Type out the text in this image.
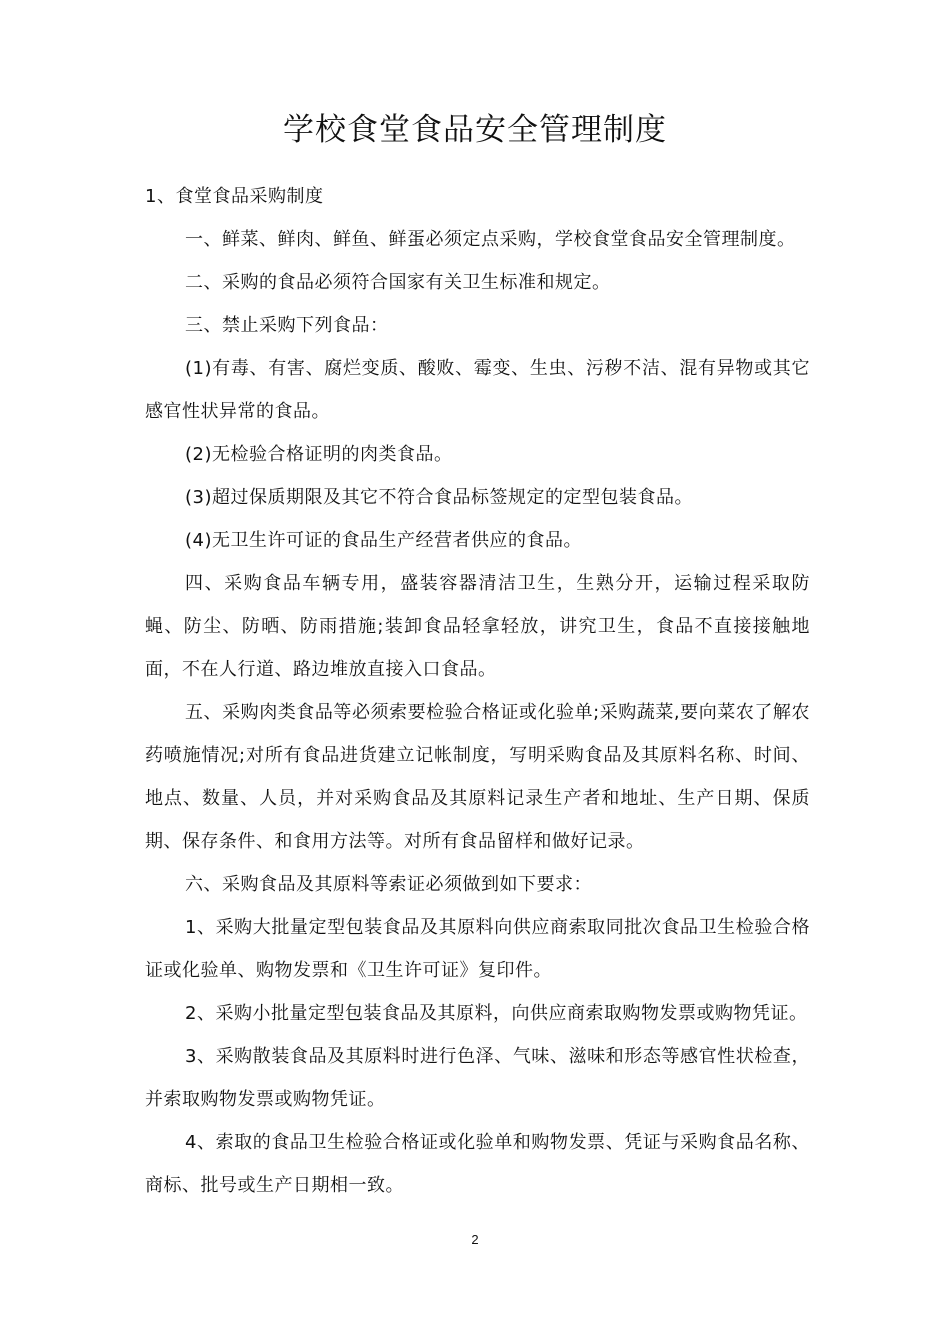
学校食堂食品安全管理制度

1、食堂食品采购制度

一、鲜菜、鲜肉、鲜鱼、鲜蛋必须定点采购，学校食堂食品安全管理制度。

二、采购的食品必须符合国家有关卫生标准和规定。

三、禁止采购下列食品：

(1)有毒、有害、腐烂变质、酸败、霉变、生虫、污秽不洁、混有异物或其它感官性状异常的食品。

(2)无检验合格证明的肉类食品。

(3)超过保质期限及其它不符合食品标签规定的定型包装食品。

(4)无卫生许可证的食品生产经营者供应的食品。

四、采购食品车辆专用，盛装容器清洁卫生，生熟分开，运输过程采取防蝇、防尘、防晒、防雨措施;装卸食品轻拿轻放，讲究卫生，食品不直接接触地面，不在人行道、路边堆放直接入口食品。

五、采购肉类食品等必须索要检验合格证或化验单;采购蔬菜,要向菜农了解农药喷施情况;对所有食品进货建立记帐制度，写明采购食品及其原料名称、时间、地点、数量、人员，并对采购食品及其原料记录生产者和地址、生产日期、保质期、保存条件、和食用方法等。对所有食品留样和做好记录。

六、采购食品及其原料等索证必须做到如下要求：

1、采购大批量定型包装食品及其原料向供应商索取同批次食品卫生检验合格证或化验单、购物发票和《卫生许可证》复印件。

2、采购小批量定型包装食品及其原料，向供应商索取购物发票或购物凭证。

3、采购散装食品及其原料时进行色泽、气味、滋味和形态等感官性状检查，并索取购物发票或购物凭证。

4、索取的食品卫生检验合格证或化验单和购物发票、凭证与采购食品名称、商标、批号或生产日期相一致。

2
